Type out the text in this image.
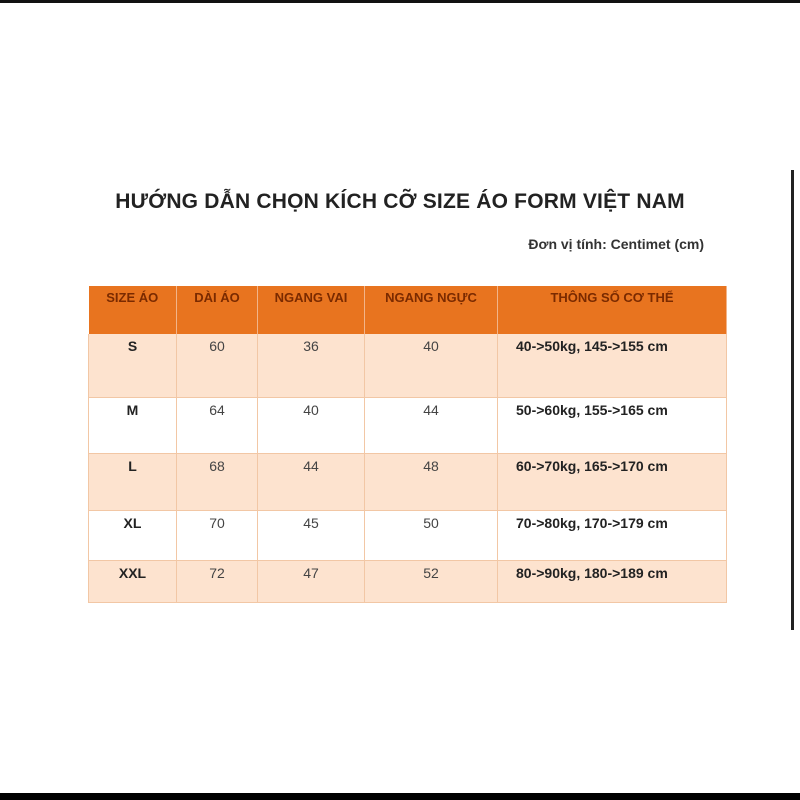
HƯỚNG DẪN CHỌN KÍCH CỠ SIZE ÁO FORM VIỆT NAM
Đơn vị tính: Centimet (cm)
SIZE ÁO	DÀI ÁO	NGANG VAI	NGANG NGỰC	THÔNG SỐ CƠ THỂ
S	60	36	40	40->50kg, 145->155 cm
M	64	40	44	50->60kg, 155->165 cm
L	68	44	48	60->70kg, 165->170 cm
XL	70	45	50	70->80kg, 170->179 cm
XXL	72	47	52	80->90kg, 180->189 cm
